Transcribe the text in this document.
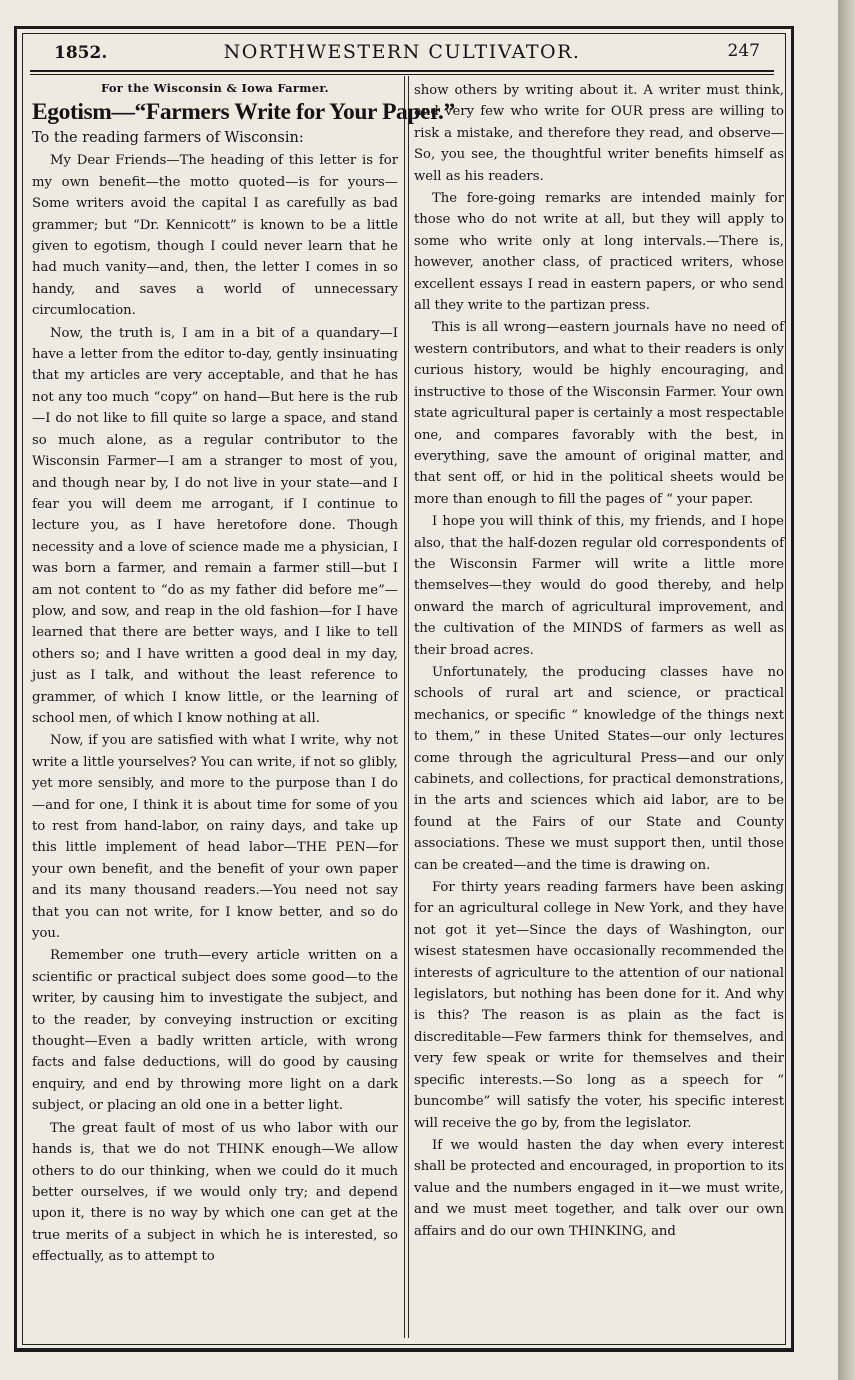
1852.	NORTHWESTERN CULTIVATOR.	247

For the Wisconsin & Iowa Farmer.

Egotism—“Farmers Write for Your Paper.”

To the reading farmers of Wisconsin:

My Dear Friends—The heading of this letter is for my own benefit—the motto quoted—is for yours—Some writers avoid the capital I as carefully as bad grammer; but “Dr. Kennicott” is known to be a little given to egotism, though I could never learn that he had much vanity—and, then, the letter I comes in so handy, and saves a world of unnecessary circumlocation.

Now, the truth is, I am in a bit of a quandary—I have a letter from the editor to-day, gently insinuating that my articles are very acceptable, and that he has not any too much “copy” on hand—But here is the rub—I do not like to fill quite so large a space, and stand so much alone, as a regular contributor to the Wisconsin Farmer—I am a stranger to most of you, and though near by, I do not live in your state—and I fear you will deem me arrogant, if I continue to lecture you, as I have heretofore done. Though necessity and a love of science made me a physician, I was born a farmer, and remain a farmer still—but I am not content to “do as my father did before me”—plow, and sow, and reap in the old fashion—for I have learned that there are better ways, and I like to tell others so; and I have written a good deal in my day, just as I talk, and without the least reference to grammer, of which I know little, or the learning of school men, of which I know nothing at all.

Now, if you are satisfied with what I write, why not write a little yourselves? You can write, if not so glibly, yet more sensibly, and more to the purpose than I do—and for one, I think it is about time for some of you to rest from hand-labor, on rainy days, and take up this little implement of head labor—THE PEN—for your own benefit, and the benefit of your own paper and its many thousand readers.—You need not say that you can not write, for I know better, and so do you.

Remember one truth—every article written on a scientific or practical subject does some good—to the writer, by causing him to investigate the subject, and to the reader, by conveying instruction or exciting thought—Even a badly written article, with wrong facts and false deductions, will do good by causing enquiry, and end by throwing more light on a dark subject, or placing an old one in a better light.

The great fault of most of us who labor with our hands is, that we do not THINK enough—We allow others to do our thinking, when we could do it much better ourselves, if we would only try; and depend upon it, there is no way by which one can get at the true merits of a subject in which he is interested, so effectually, as to attempt to

show others by writing about it. A writer must think, and very few who write for OUR press are willing to risk a mistake, and therefore they read, and observe—So, you see, the thoughtful writer benefits himself as well as his readers.

The fore-going remarks are intended mainly for those who do not write at all, but they will apply to some who write only at long intervals.—There is, however, another class, of practiced writers, whose excellent essays I read in eastern papers, or who send all they write to the partizan press.

This is all wrong—eastern journals have no need of western contributors, and what to their readers is only curious history, would be highly encouraging, and instructive to those of the Wisconsin Farmer. Your own state agricultural paper is certainly a most respectable one, and compares favorably with the best, in everything, save the amount of original matter, and that sent off, or hid in the political sheets would be more than enough to fill the pages of “ your paper.

I hope you will think of this, my friends, and I hope also, that the half-dozen regular old correspondents of the Wisconsin Farmer will write a little more themselves—they would do good thereby, and help onward the march of agricultural improvement, and the cultivation of the MINDS of farmers as well as their broad acres.

Unfortunately, the producing classes have no schools of rural art and science, or practical mechanics, or specific “ knowledge of the things next to them,” in these United States—our only lectures come through the agricultural Press—and our only cabinets, and collections, for practical demonstrations, in the arts and sciences which aid labor, are to be found at the Fairs of our State and County associations. These we must support then, until those can be created—and the time is drawing on.

For thirty years reading farmers have been asking for an agricultural college in New York, and they have not got it yet—Since the days of Washington, our wisest statesmen have occasionally recommended the interests of agriculture to the attention of our national legislators, but nothing has been done for it. And why is this? The reason is as plain as the fact is discreditable—Few farmers think for themselves, and very few speak or write for themselves and their specific interests.—So long as a speech for “ buncombe” will satisfy the voter, his specific interest will receive the go by, from the legislator.

If we would hasten the day when every interest shall be protected and encouraged, in proportion to its value and the numbers engaged in it—we must write, and we must meet together, and talk over our own affairs and do our own THINKING, and
